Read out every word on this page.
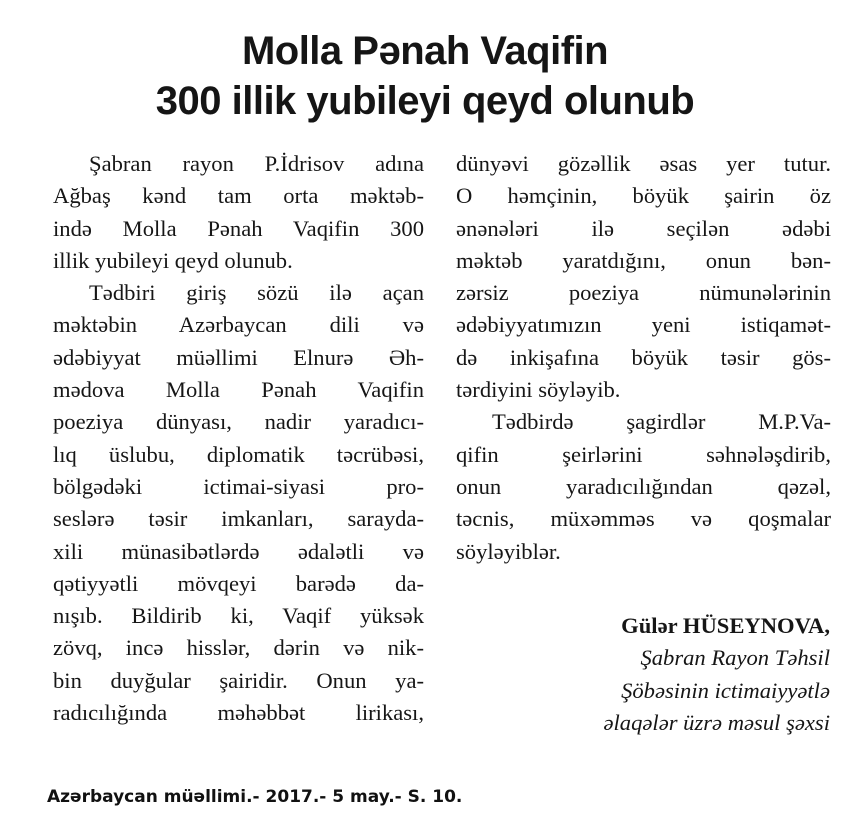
Molla Pənah Vaqifin
300 illik yubileyi qeyd olunub
Şabran rayon P.İdrisov adına
Ağbaş kənd tam orta məktəb-
ində Molla Pənah Vaqifin 300
illik yubileyi qeyd olunub.
Tədbiri giriş sözü ilə açan
məktəbin Azərbaycan dili və
ədəbiyyat müəllimi Elnurə Əh-
mədova Molla Pənah Vaqifin
poeziya dünyası, nadir yaradıcı-
lıq üslubu, diplomatik təcrübəsi,
bölgədəki ictimai-siyasi pro-
seslərə təsir imkanları, sarayda-
xili münasibətlərdə ədalətli və
qətiyyətli mövqeyi barədə da-
nışıb. Bildirib ki, Vaqif yüksək
zövq, incə hisslər, dərin və nik-
bin duyğular şairidir. Onun ya-
radıcılığında məhəbbət lirikası,
dünyəvi gözəllik əsas yer tutur.
O həmçinin, böyük şairin öz
ənənələri ilə seçilən ədəbi
məktəb yaratdığını, onun bən-
zərsiz poeziya nümunələrinin
ədəbiyyatımızın yeni istiqamət-
də inkişafına böyük təsir gös-
tərdiyini söyləyib.
Tədbirdə şagirdlər M.P.Va-
qifin şeirlərini səhnələşdirib,
onun yaradıcılığından qəzəl,
təcnis, müxəmməs və qoşmalar
söyləyiblər.
Gülər HÜSEYNOVA,
Şabran Rayon Təhsil
Şöbəsinin ictimaiyyətlə
əlaqələr üzrə məsul şəxsi
Azərbaycan müəllimi.- 2017.- 5 may.- S. 10.
